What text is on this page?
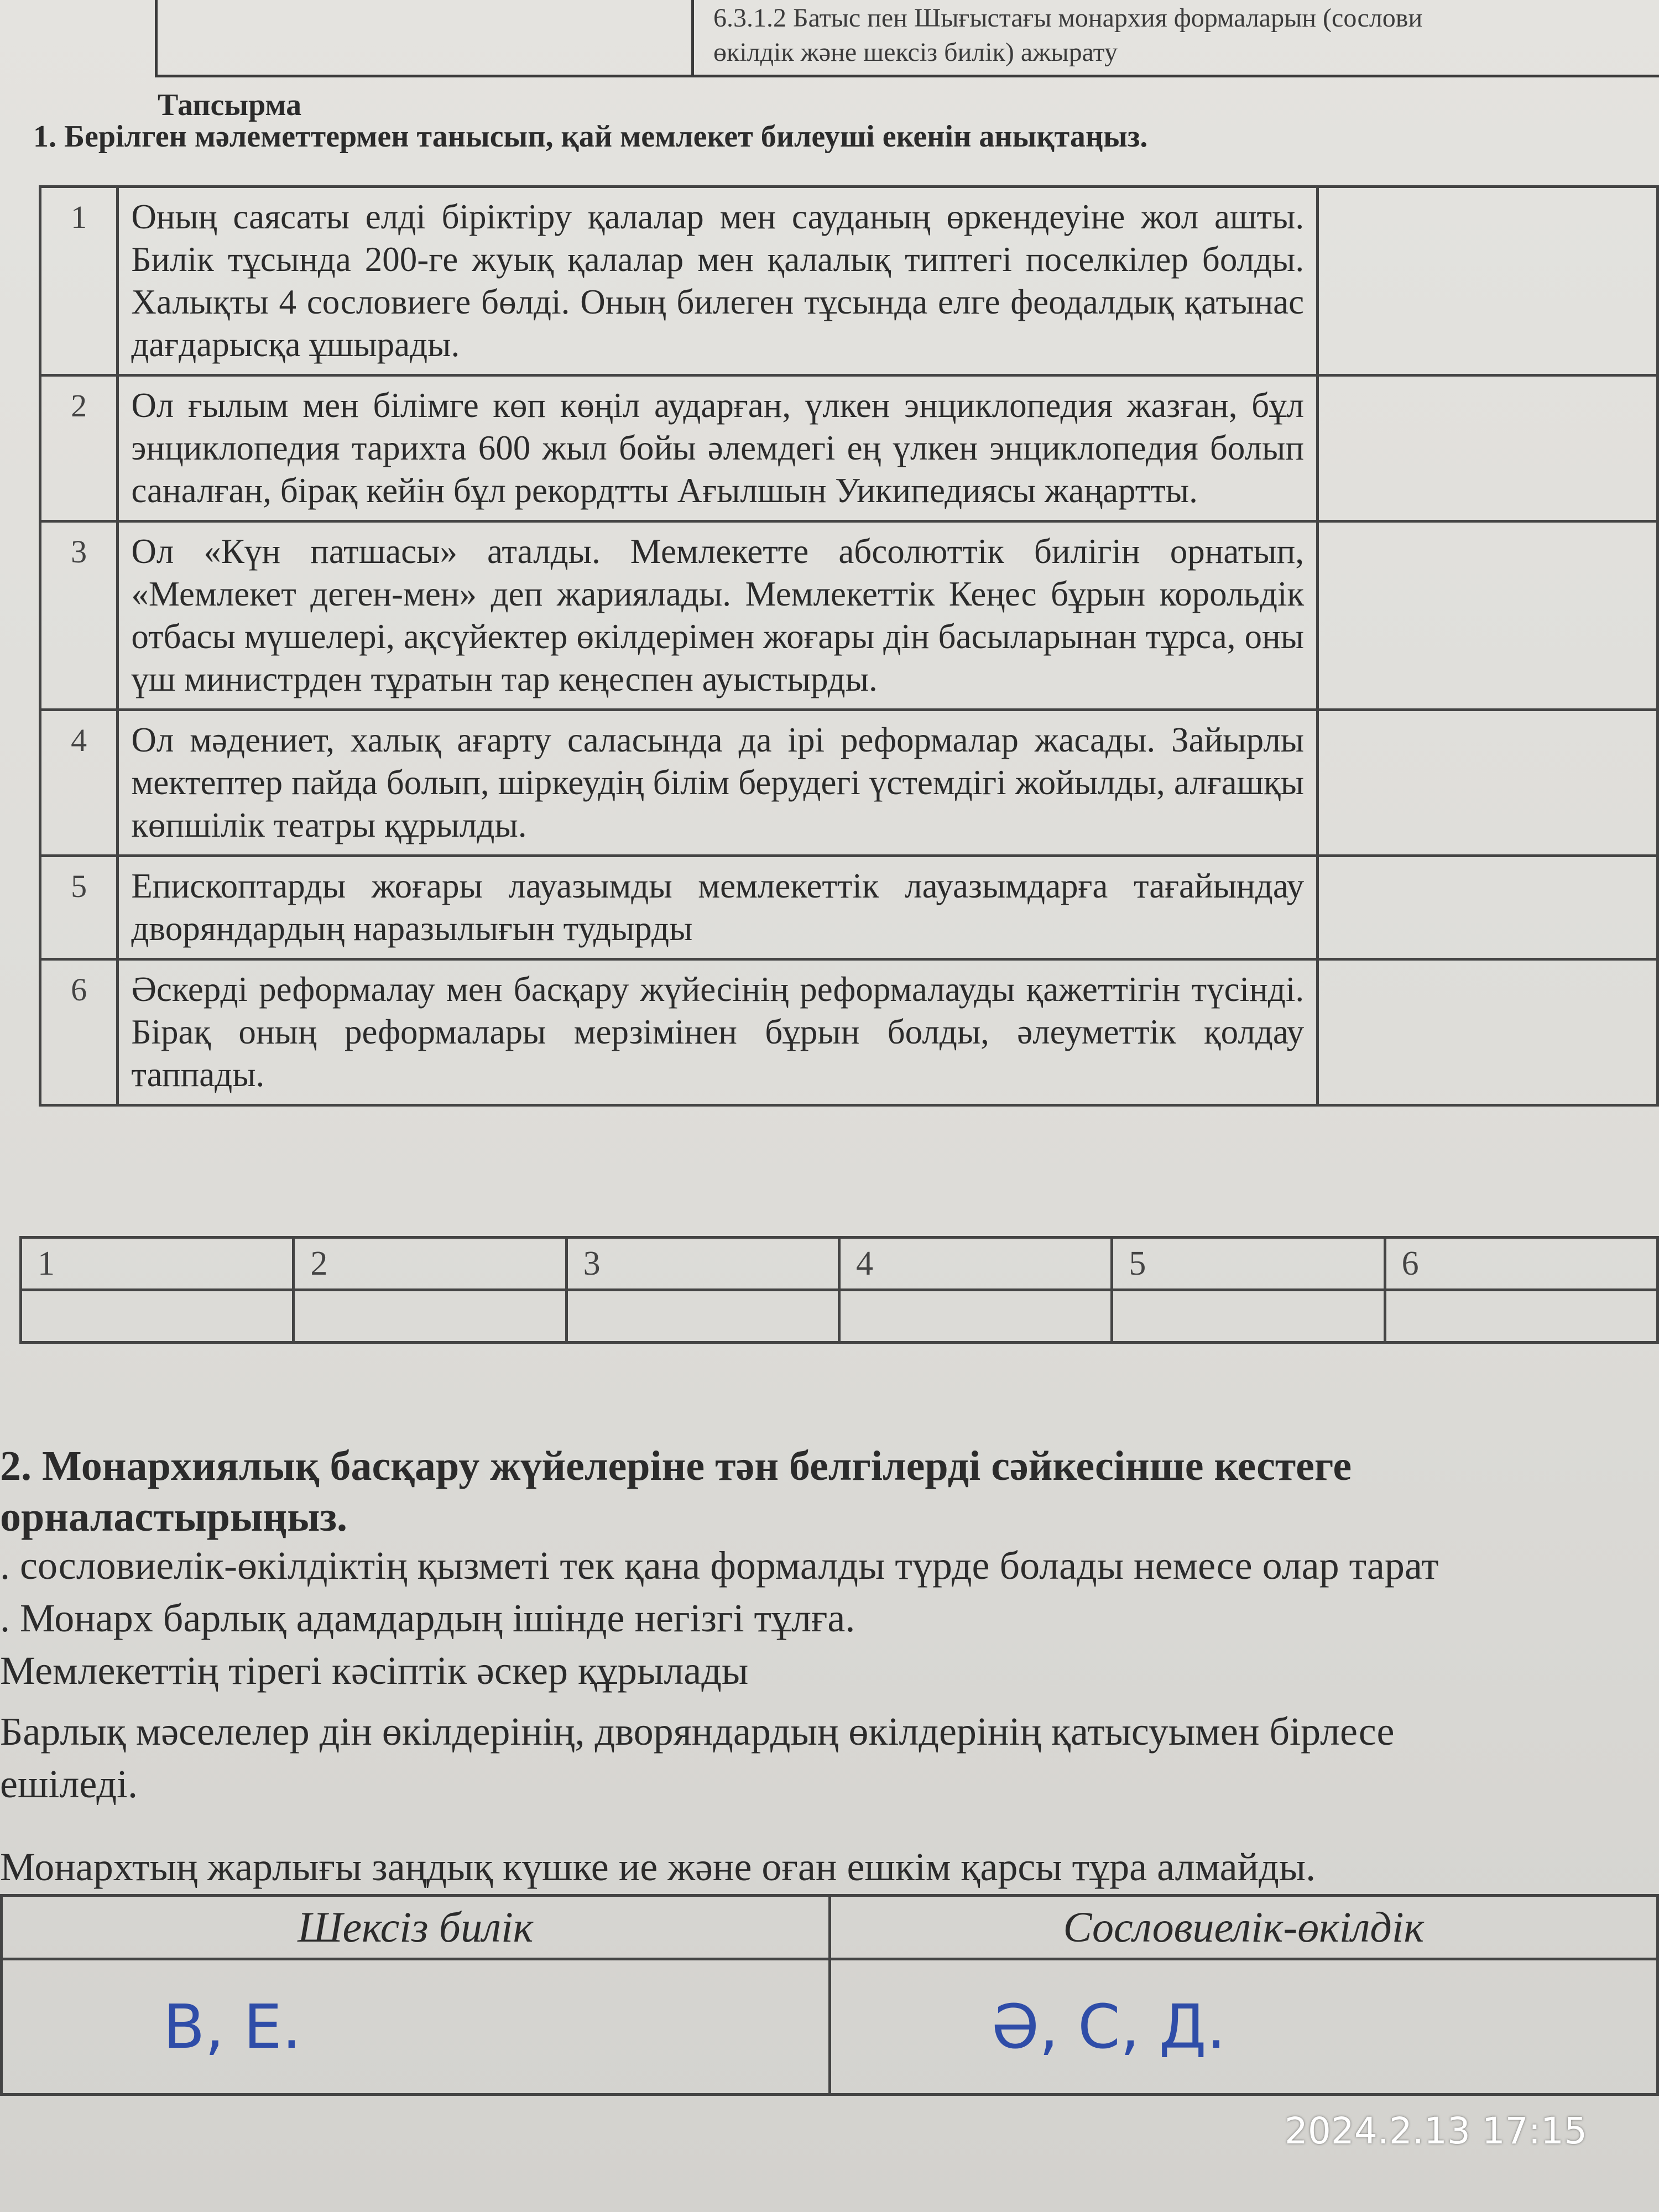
6.3.1.2 Батыс пен Шығыстағы монархия формаларын (сослови
өкілдік және шексіз билік) ажырату
Тапсырма
1. Берілген мәлеметтермен танысып, қай мемлекет билеуші екенін анықтаңыз.
1	Оның саясаты елді біріктіру қалалар мен сауданың өркендеуіне жол ашты. Билік тұсында 200-ге жуық қалалар мен қалалық типтегі поселкілер болды. Халықты 4 сословиеге бөлді. Оның билеген тұсында елге феодалдық қатынас дағдарысқа ұшырады.	
2	Ол ғылым мен білімге көп көңіл аударған, үлкен энциклопедия жазған, бұл энциклопедия тарихта 600 жыл бойы әлемдегі ең үлкен энциклопедия болып саналған, бірақ кейін бұл рекордтты Ағылшын Уикипедиясы жаңартты.	
3	Ол «Күн патшасы» аталды. Мемлекетте абсолюттік билігін орнатып, «Мемлекет деген-мен» деп жариялады. Мемлекеттік Кеңес бұрын корольдік отбасы мүшелері, ақсүйектер өкілдерімен жоғары дін басыларынан тұрса, оны үш министрден тұратын тар кеңеспен ауыстырды.	
4	Ол мәдениет, халық ағарту саласында да ірі реформалар жасады. Зайырлы мектептер пайда болып, шіркеудің білім берудегі үстемдігі жойылды, алғашқы көпшілік театры құрылды.	
5	Епископтарды жоғары лауазымды мемлекеттік лауазымдарға тағайындау дворяндардың наразылығын тудырды	
6	Әскерді реформалау мен басқару жүйесінің реформалауды қажеттігін түсінді. Бірақ оның реформалары мерзімінен бұрын болды, әлеуметтік қолдау таппады.	
1	2	3	4	5	6

2. Монархиялық басқару жүйелеріне тән белгілерді сәйкесінше кестеге
орналастырыңыз.
. сословиелік-өкілдіктің қызметі тек қана формалды түрде болады немесе олар тарат
. Монарх барлық адамдардың ішінде негізгі тұлға.
Мемлекеттің тірегі кәсіптік әскер құрылады
Барлық мәселелер дін өкілдерінің, дворяндардың өкілдерінің қатысуымен бірлесе
ешіледі.
Монархтың жарлығы заңдық күшке ие және оған ешкім қарсы тұра алмайды.
Шексіз билік	Сословиелік-өкілдік
В, Е.	Ә, С, Д.
2024.2.13 17:15
